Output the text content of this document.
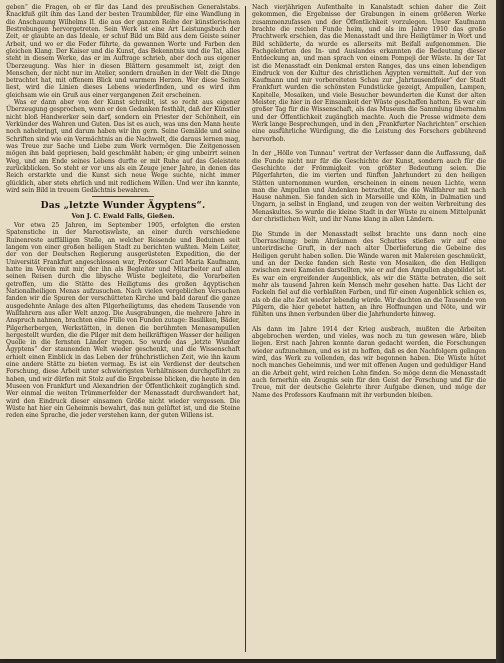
geben“ die Fragen, ob er für das Land des preußischen Generalstabs. Knackfuß gilt ihm das Land der besten Traumbilder, für eine Wandlung in die Anschauung Wilhelms II. die aus der ganzen Reihe der künstlerischen Bestrebungen hervorgetreten. Sein Werk ist eine Art Leistungsbuch der Zeit, er glaubte an das Ideale, er schuf Bild um Bild aus dem Geiste seiner Arbeit, und wo er die Feder führte, da gewannen Worte und Farben den gleichen Klang. Der Kaiser und die Kunst, das Bekenntnis und die Tat, alles steht in diesem Werke, das er im Auftrage schrieb, aber doch aus eigener Überzeugung. Was hier in diesen Blättern gesammelt ist, zeigt den Menschen, der nicht nur im Atelier, sondern draußen in der Welt die Dinge betrachtet hat, mit offenem Blick und warmem Herzen. Wer diese Seiten liest, wird die Linien dieses Lebens wiederfinden, und es wird ihm gleichsam wie ein Gruß aus einer vergangenen Zeit erscheinen.

Was er dann aber von der Kunst schreibt, ist so recht aus eigener Überzeugung gesprochen, wenn er den Gedanken festhält, daß der Künstler nicht bloß Handwerker sein darf, sondern ein Priester der Schönheit, ein Verkünder des Wahren und Guten. Das ist es auch, was uns den Mann heute noch nahebringt, und darum haben wir ihn gern. Seine Gemälde und seine Schriften sind wie ein Vermächtnis an die Nachwelt, die daraus lernen mag, was Treue zur Sache und Liebe zum Werk vermögen. Die Zeitgenossen mögen ihn bald gepriesen, bald geschmäht haben; er ging unbeirrt seinen Weg, und am Ende seines Lebens durfte er mit Ruhe auf das Geleistete zurückblicken. So steht er vor uns als ein Zeuge jener Jahre, in denen das Reich erstarkte und die Kunst sich neue Wege suchte, nicht immer glücklich, aber stets ehrlich und mit redlichem Willen. Und wer ihn kannte, wird sein Bild in treuem Gedächtnis bewahren.

Das „letzte Wunder Ägyptens“.
Von J. C. Ewald Falls, Gießen.

Vor etwa 25 Jahren, im September 1905, erfolgten die ersten Spatenstiche in der Mareotiswüste, an einer durch verschiedene Ruinenreste auffälligen Stelle, an welcher Reisende und Beduinen seit langem von einer großen heiligen Stadt zu berichten wußten. Mein Leiter, der von der Deutschen Regierung ausgerüsteten Expedition, die der Universität Frankfurt angeschlossen war, Professor Carl Maria Kaufmann, hatte im Verein mit mir, der ihn als Begleiter und Mitarbeiter auf allen seinen Reisen durch die libysche Wüste begleitete, die Vorarbeiten getroffen, um die Stätte des Heiligtums des großen ägyptischen Nationalheiligen Menas aufzusuchen. Nach vielen vergeblichen Versuchen fanden wir die Spuren der verschütteten Kirche und bald darauf die ganze ausgedehnte Anlage des alten Pilgerheiligtums, das ehedem Tausende von Wallfahrern aus aller Welt anzog. Die Ausgrabungen, die mehrere Jahre in Anspruch nahmen, brachten eine Fülle von Funden zutage: Basiliken, Bäder, Pilgerherbergen, Werkstätten, in denen die berühmten Menasampullen hergestellt wurden, die die Pilger mit dem heilkräftigen Wasser der heiligen Quelle in die fernsten Länder trugen. So wurde das „letzte Wunder Ägyptens“ der staunenden Welt wieder geschenkt, und die Wissenschaft erhielt einen Einblick in das Leben der frühchristlichen Zeit, wie ihn kaum eine andere Stätte zu bieten vermag. Es ist ein Verdienst der deutschen Forschung, diese Arbeit unter schwierigsten Verhältnissen durchgeführt zu haben, und wir dürfen mit Stolz auf die Ergebnisse blicken, die heute in den Museen von Frankfurt und Alexandrien der Öffentlichkeit zugänglich sind. Wer einmal die weiten Trümmerfelder der Menasstadt durchwandert hat, wird den Eindruck dieser einsamen Größe nicht wieder vergessen. Die Wüste hat hier ein Geheimnis bewahrt, das nun gelüftet ist, und die Steine reden eine Sprache, die jeder verstehen kann, der guten Willens ist.

Nach vierjährigen Aufenthalte in Kanalstadt schien daher die Zeit gekommen, die Ergebnisse der Grabungen in einem größeren Werke zusammenzufassen und der Öffentlichkeit vorzulegen. Unser Kaufmann brachte die reichen Funde heim, und als im Jahre 1910 das große Prachtwerk erschien, das die Menasstadt und ihre Heiligtümer in Wort und Bild schilderte, da wurde es allerseits mit Beifall aufgenommen. Die Fachgelehrten des In- und Auslandes erkannten die Bedeutung dieser Entdeckung an, und man sprach von einem Pompeji der Wüste. In der Tat ist die Menasstadt ein Denkmal ersten Ranges, das uns einen lebendigen Eindruck von der Kultur des christlichen Ägypten vermittelt. Auf der von Kaufmann und mir vorbereiteten Schau zur „Jahrtausendfeier“ der Stadt Frankfurt wurden die schönsten Fundstücke gezeigt, Ampullen, Lampen, Kapitelle, Mosaiken, und viele Besucher bewunderten die Kunst der alten Meister, die hier in der Einsamkeit der Wüste geschaffen hatten. Es war ein großer Tag für die Wissenschaft, als das Museum die Sammlung übernahm und der Öffentlichkeit zugänglich machte. Auch die Presse widmete dem Werk lange Besprechungen, und in den „Frankfurter Nachrichten“ erschien eine ausführliche Würdigung, die die Leistung des Forschers gebührend hervorhob.

In der „Hölle von Tunnau“ vertrat der Verfasser dann die Auffassung, daß die Funde nicht nur für die Geschichte der Kunst, sondern auch für die Geschichte der Frömmigkeit von größter Bedeutung seien. Die Pilgerfahrten, die im vierten und fünften Jahrhundert zu den heiligen Stätten unternommen wurden, erscheinen in einem neuen Lichte, wenn man die Ampullen und Andenken betrachtet, die die Wallfahrer mit nach Hause nahmen. Sie fanden sich in Marseille und Köln, in Dalmatien und Ungarn, ja selbst in England, und zeugen von der weiten Verbreitung des Menaskultes. So wurde die kleine Stadt in der Wüste zu einem Mittelpunkt der christlichen Welt, und ihr Name klang in allen Ländern.

Die Stunde in der Menasstadt selbst brachte uns dann noch eine Überraschung: beim Abräumen des Schuttes stießen wir auf eine unterirdische Gruft, in der nach alter Überlieferung die Gebeine des Heiligen geruht haben sollen. Die Wände waren mit Malereien geschmückt, und an der Decke fanden sich Reste von Mosaiken, die den Heiligen zwischen zwei Kamelen darstellten, wie er auf den Ampullen abgebildet ist. Es war ein ergreifender Augenblick, als wir die Stätte betraten, die seit mehr als tausend Jahren kein Mensch mehr gesehen hatte. Das Licht der Fackeln fiel auf die verblaßten Farben, und für einen Augenblick schien es, als ob die alte Zeit wieder lebendig würde. Wir dachten an die Tausende von Pilgern, die hier gebetet hatten, an ihre Hoffnungen und Nöte, und wir fühlten uns ihnen verbunden über die Jahrhunderte hinweg.

Als dann im Jahre 1914 der Krieg ausbrach, mußten die Arbeiten abgebrochen werden, und vieles, was noch zu tun gewesen wäre, blieb liegen. Erst nach Jahren konnte daran gedacht werden, die Forschungen wieder aufzunehmen, und es ist zu hoffen, daß es den Nachfolgern gelingen wird, das Werk zu vollenden, das wir begonnen haben. Die Wüste hütet noch manches Geheimnis, und wer mit offenen Augen und geduldiger Hand an die Arbeit geht, wird reichen Lohn finden. So möge denn die Menasstadt auch fernerhin ein Zeugnis sein für den Geist der Forschung und für die Treue, mit der deutsche Gelehrte ihrer Aufgabe dienen, und möge der Name des Professors Kaufmann mit ihr verbunden bleiben.
